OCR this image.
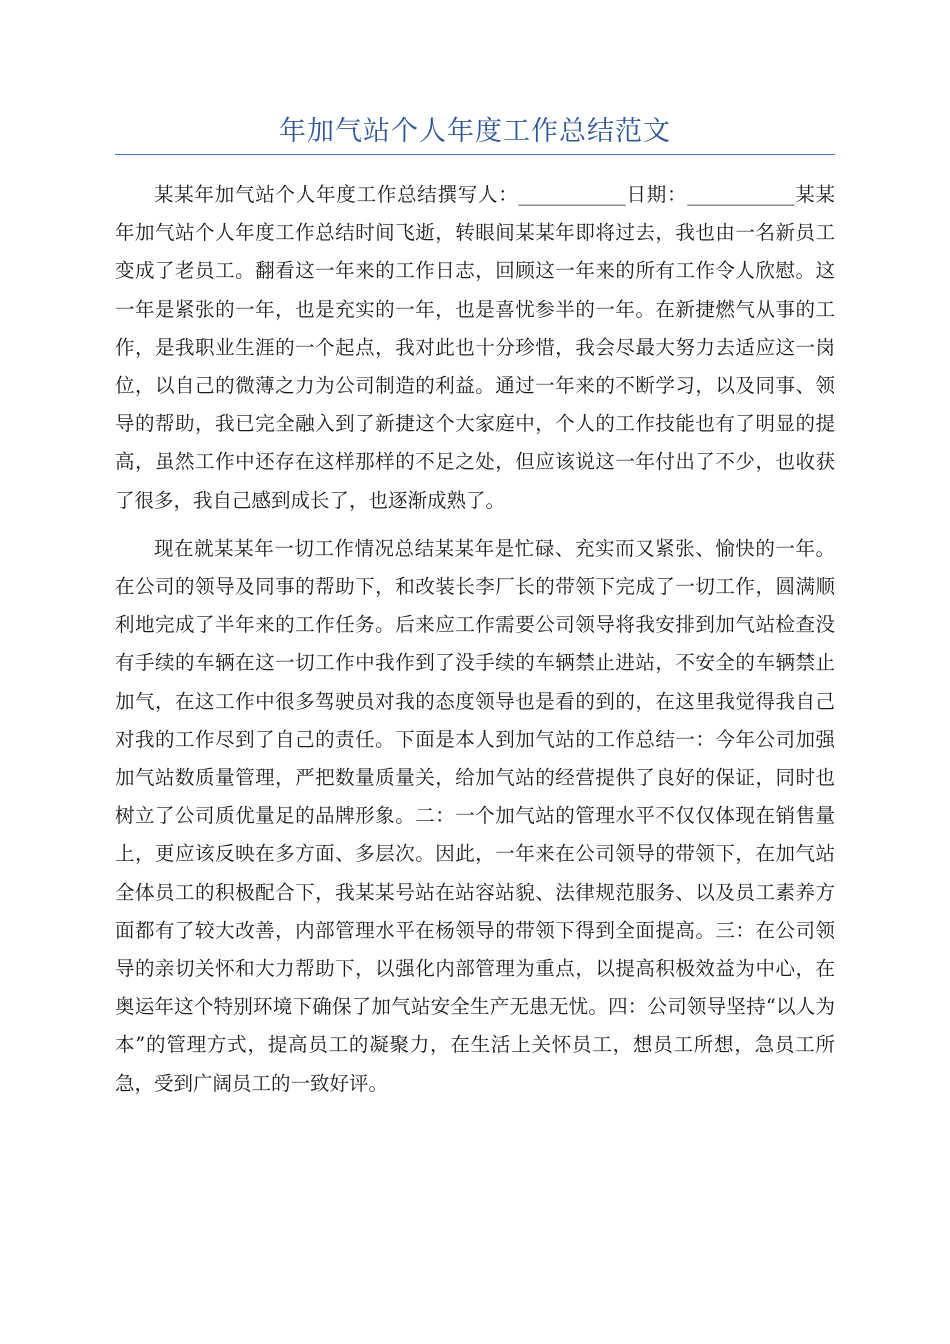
年加气站个人年度工作总结范文

某某年加气站个人年度工作总结撰写人：___________日期：___________某某年加气站个人年度工作总结时间飞逝，转眼间某某年即将过去，我也由一名新员工变成了老员工。翻看这一年来的工作日志，回顾这一年来的所有工作令人欣慰。这一年是紧张的一年，也是充实的一年，也是喜忧参半的一年。在新捷燃气从事的工作，是我职业生涯的一个起点，我对此也十分珍惜，我会尽最大努力去适应这一岗位，以自己的微薄之力为公司制造的利益。通过一年来的不断学习，以及同事、领导的帮助，我已完全融入到了新捷这个大家庭中，个人的工作技能也有了明显的提高，虽然工作中还存在这样那样的不足之处，但应该说这一年付出了不少，也收获了很多，我自己感到成长了，也逐渐成熟了。

现在就某某年一切工作情况总结某某年是忙碌、充实而又紧张、愉快的一年。在公司的领导及同事的帮助下，和改装长李厂长的带领下完成了一切工作，圆满顺利地完成了半年来的工作任务。后来应工作需要公司领导将我安排到加气站检查没有手续的车辆在这一切工作中我作到了没手续的车辆禁止进站，不安全的车辆禁止加气，在这工作中很多驾驶员对我的态度领导也是看的到的，在这里我觉得我自己对我的工作尽到了自己的责任。下面是本人到加气站的工作总结一：今年公司加强加气站数质量管理，严把数量质量关，给加气站的经营提供了良好的保证，同时也树立了公司质优量足的品牌形象。二：一个加气站的管理水平不仅仅体现在销售量上，更应该反映在多方面、多层次。因此，一年来在公司领导的带领下，在加气站全体员工的积极配合下，我某某号站在站容站貌、法律规范服务、以及员工素养方面都有了较大改善，内部管理水平在杨领导的带领下得到全面提高。三：在公司领导的亲切关怀和大力帮助下，以强化内部管理为重点，以提高积极效益为中心，在奥运年这个特别环境下确保了加气站安全生产无患无忧。四：公司领导坚持“以人为本”的管理方式，提高员工的凝聚力，在生活上关怀员工，想员工所想，急员工所急，受到广阔员工的一致好评。
